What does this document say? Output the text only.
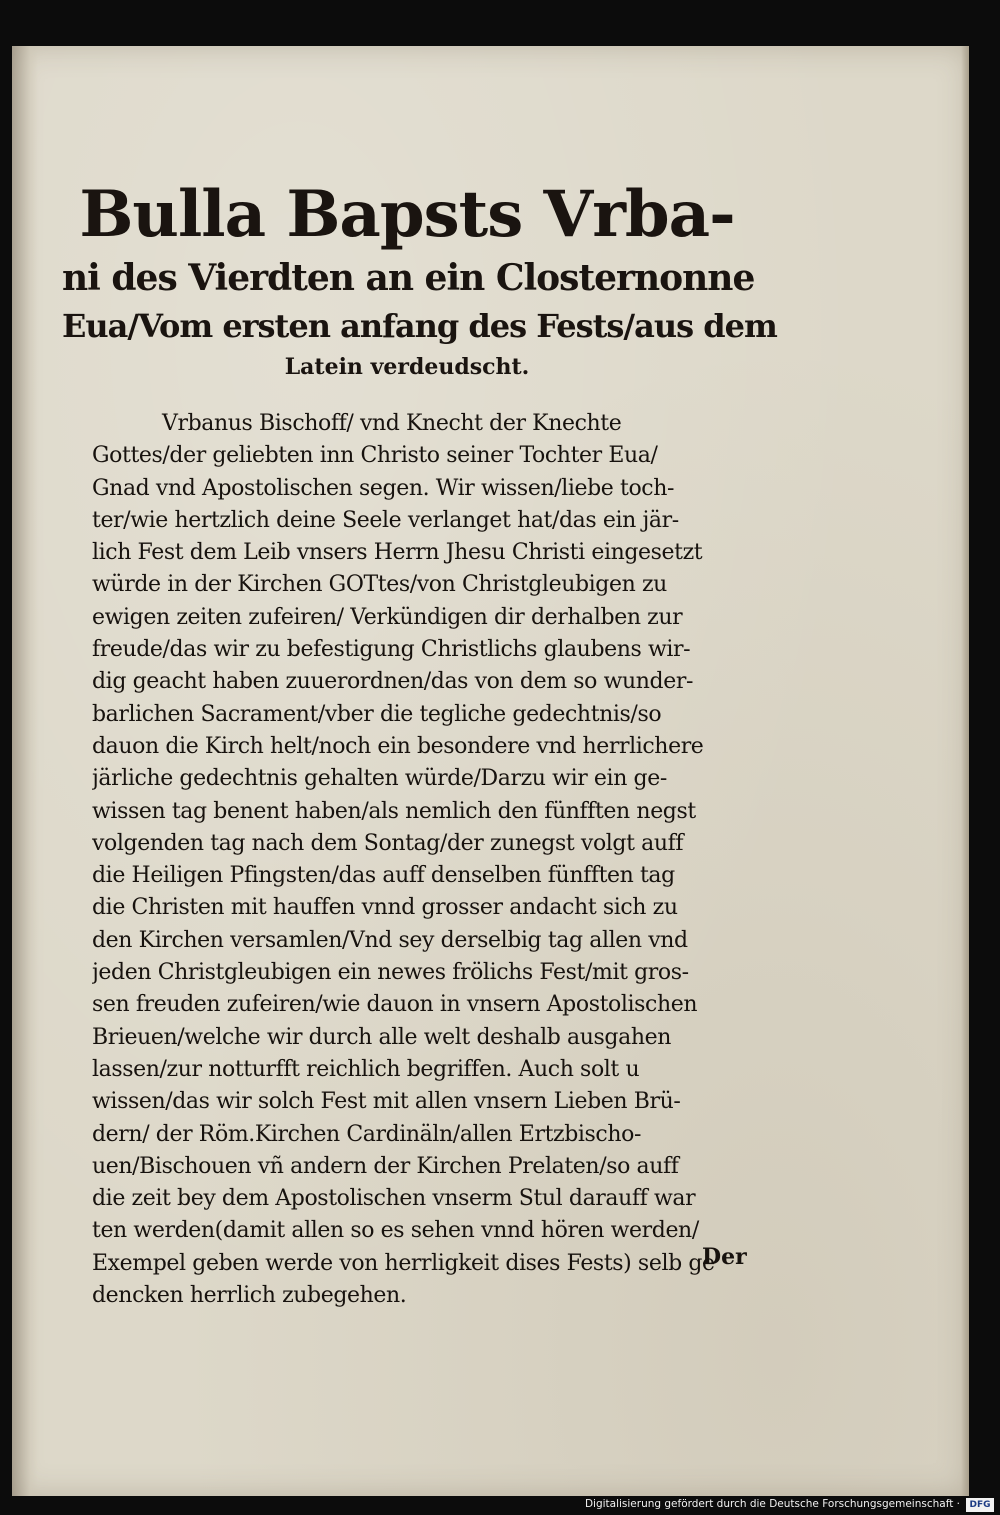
Bulla Bapsts Vrba-
ni des Vierdten an ein Closternonne
Eua/Vom ersten anfang des Fests/aus dem
Latein verdeudscht.
Vrbanus Bischoff/ vnd Knecht der Knechte
Gottes/der geliebten inn Christo seiner Tochter Eua/
Gnad vnd Apostolischen segen. Wir wissen/liebe toch-
ter/wie hertzlich deine Seele verlanget hat/das ein jär-
lich Fest dem Leib vnsers Herrn Jhesu Christi eingesetzt
würde in der Kirchen GOTtes/von Christgleubigen zu
ewigen zeiten zufeiren/ Verkündigen dir derhalben zur
freude/das wir zu befestigung Christlichs glaubens wir-
dig geacht haben zuuerordnen/das von dem so wunder-
barlichen Sacrament/vber die tegliche gedechtnis/so
dauon die Kirch helt/noch ein besondere vnd herrlichere
järliche gedechtnis gehalten würde/Darzu wir ein ge-
wissen tag benent haben/als nemlich den fünfften negst
volgenden tag nach dem Sontag/der zunegst volgt auff
die Heiligen Pfingsten/das auff denselben fünfften tag
die Christen mit hauffen vnnd grosser andacht sich zu
den Kirchen versamlen/Vnd sey derselbig tag allen vnd
jeden Christgleubigen ein newes frölichs Fest/mit gros-
sen freuden zufeiren/wie dauon in vnsern Apostolischen
Brieuen/welche wir durch alle welt deshalb ausgahen
lassen/zur notturfft reichlich begriffen. Auch solt u
wissen/das wir solch Fest mit allen vnsern Lieben Brü-
dern/ der Röm.Kirchen Cardinäln/allen Ertzbischo-
uen/Bischouen vñ andern der Kirchen Prelaten/so auff
die zeit bey dem Apostolischen vnserm Stul darauff war
ten werden(damit allen so es sehen vnnd hören werden/
Exempel geben werde von herrligkeit dises Fests) selb ge
dencken herrlich zubegehen.
Der
Digitalisierung gefördert durch die Deutsche Forschungsgemeinschaft ·	DFG
